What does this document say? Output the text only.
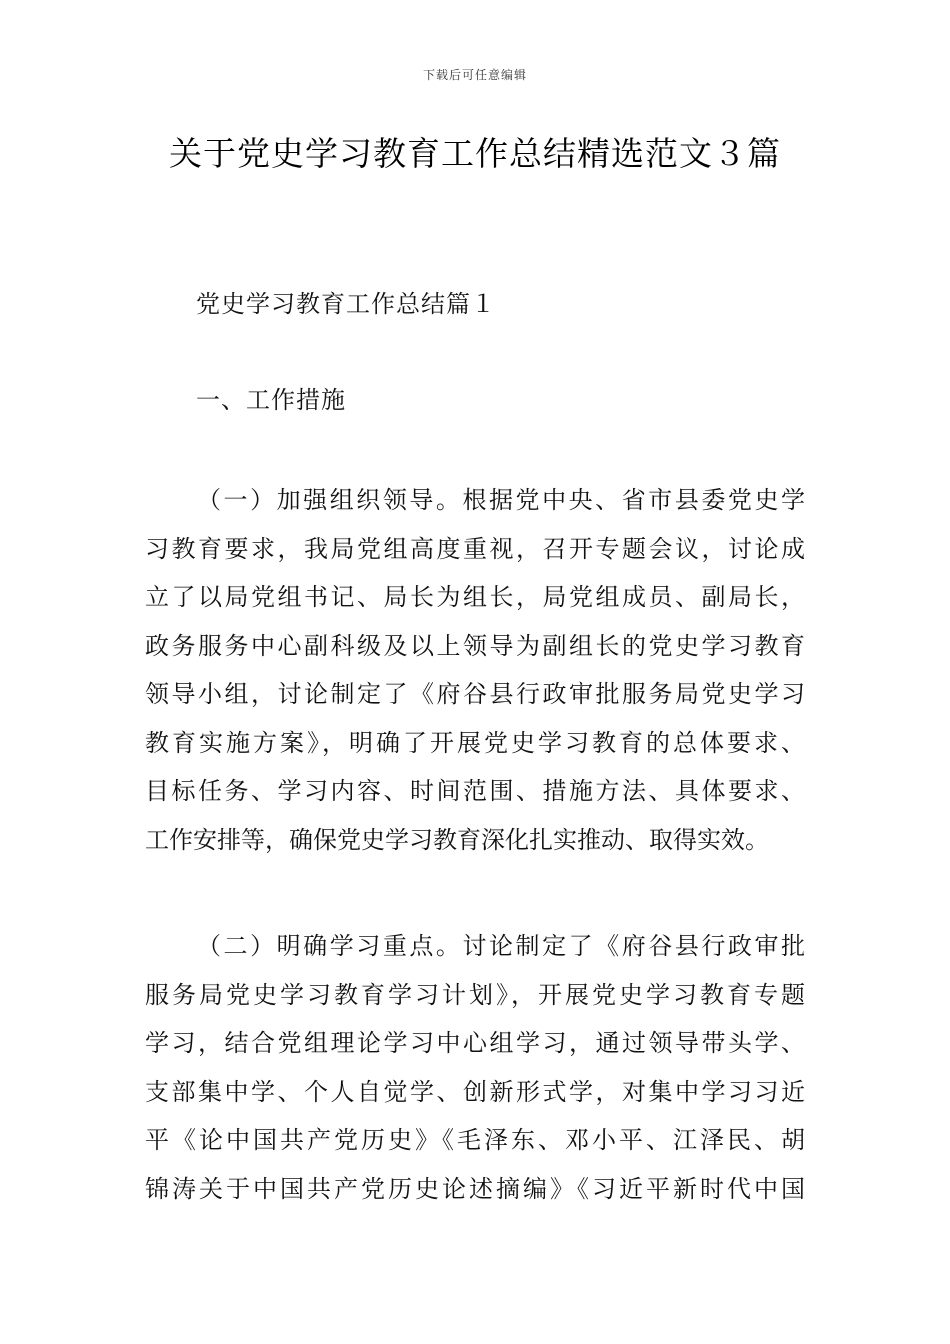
下载后可任意编辑
关于党史学习教育工作总结精选范文３篇
党史学习教育工作总结篇１
一、工作措施
（一）加强组织领导。根据党中央、省市县委党史学
习教育要求，我局党组高度重视，召开专题会议，讨论成
立了以局党组书记、局长为组长，局党组成员、副局长，
政务服务中心副科级及以上领导为副组长的党史学习教育
领导小组，讨论制定了《府谷县行政审批服务局党史学习
教育实施方案》，明确了开展党史学习教育的总体要求、
目标任务、学习内容、时间范围、措施方法、具体要求、
工作安排等，确保党史学习教育深化扎实推动、取得实效。
（二）明确学习重点。讨论制定了《府谷县行政审批
服务局党史学习教育学习计划》，开展党史学习教育专题
学习，结合党组理论学习中心组学习，通过领导带头学、
支部集中学、个人自觉学、创新形式学，对集中学习习近
平《论中国共产党历史》《毛泽东、邓小平、江泽民、胡
锦涛关于中国共产党历史论述摘编》《习近平新时代中国
